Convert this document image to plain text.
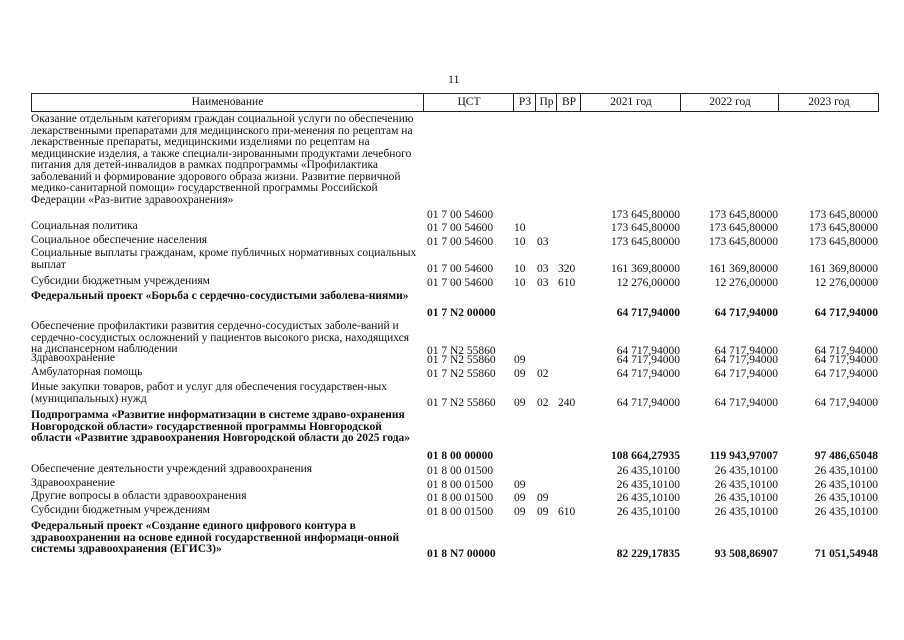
11
Наименование	ЦСТ	РЗ Пр ВР	2021 год	2022 год	2023 год
Оказание отдельным категориям граждан социальной услуги по обеспечению лекарственными препаратами для медицинского при-менения по рецептам на лекарственные препараты, медицинскими изделиями по рецептам на медицинские изделия, а также специали-зированными продуктами лечебного питания для детей-инвалидов в рамках подпрограммы «Профилактика заболеваний и формирование здорового образа жизни. Развитие первичной медико-санитарной помощи» государственной программы Российской Федерации «Раз-витие здравоохранения»
01 7 00 54600	173 645,80000	173 645,80000	173 645,80000
Социальная политика	01 7 00 54600	10	173 645,80000	173 645,80000	173 645,80000
Социальное обеспечение населения	01 7 00 54600	10	03	173 645,80000	173 645,80000	173 645,80000
Социальные выплаты гражданам, кроме публичных нормативных социальных выплат	01 7 00 54600	10	03 320	161 369,80000	161 369,80000	161 369,80000
Субсидии бюджетным учреждениям	01 7 00 54600	10	03 610	12 276,00000	12 276,00000	12 276,00000
Федеральный проект «Борьба с сердечно-сосудистыми заболева-ниями»
01 7 N2 00000	64 717,94000	64 717,94000	64 717,94000
Обеспечение профилактики развития сердечно-сосудистых заболе-ваний и сердечно-сосудистых осложнений у пациентов высокого риска, находящихся на диспансерном наблюдении	01 7 N2 55860	64 717,94000	64 717,94000	64 717,94000
Здравоохранение	01 7 N2 55860	09	64 717,94000	64 717,94000	64 717,94000
Амбулаторная помощь	01 7 N2 55860	09	02	64 717,94000	64 717,94000	64 717,94000
Иные закупки товаров, работ и услуг для обеспечения государствен-ных (муниципальных) нужд	01 7 N2 55860	09	02 240	64 717,94000	64 717,94000	64 717,94000
Подпрограмма «Развитие информатизации в системе здраво-охранения Новгородской области» государственной программы Новгородской области «Развитие здравоохранения Новгородской области до 2025 года»
01 8 00 00000	108 664,27935	119 943,97007	97 486,65048
Обеспечение деятельности учреждений здравоохранения	01 8 00 01500	26 435,10100	26 435,10100	26 435,10100
Здравоохранение	01 8 00 01500	09	26 435,10100	26 435,10100	26 435,10100
Другие вопросы в области здравоохранения	01 8 00 01500	09	09	26 435,10100	26 435,10100	26 435,10100
Субсидии бюджетным учреждениям	01 8 00 01500	09	09 610	26 435,10100	26 435,10100	26 435,10100
Федеральный проект «Создание единого цифрового контура в здравоохранении на основе единой государственной информаци-онной системы здравоохранения (ЕГИСЗ)»	01 8 N7 00000	82 229,17835	93 508,86907	71 051,54948
